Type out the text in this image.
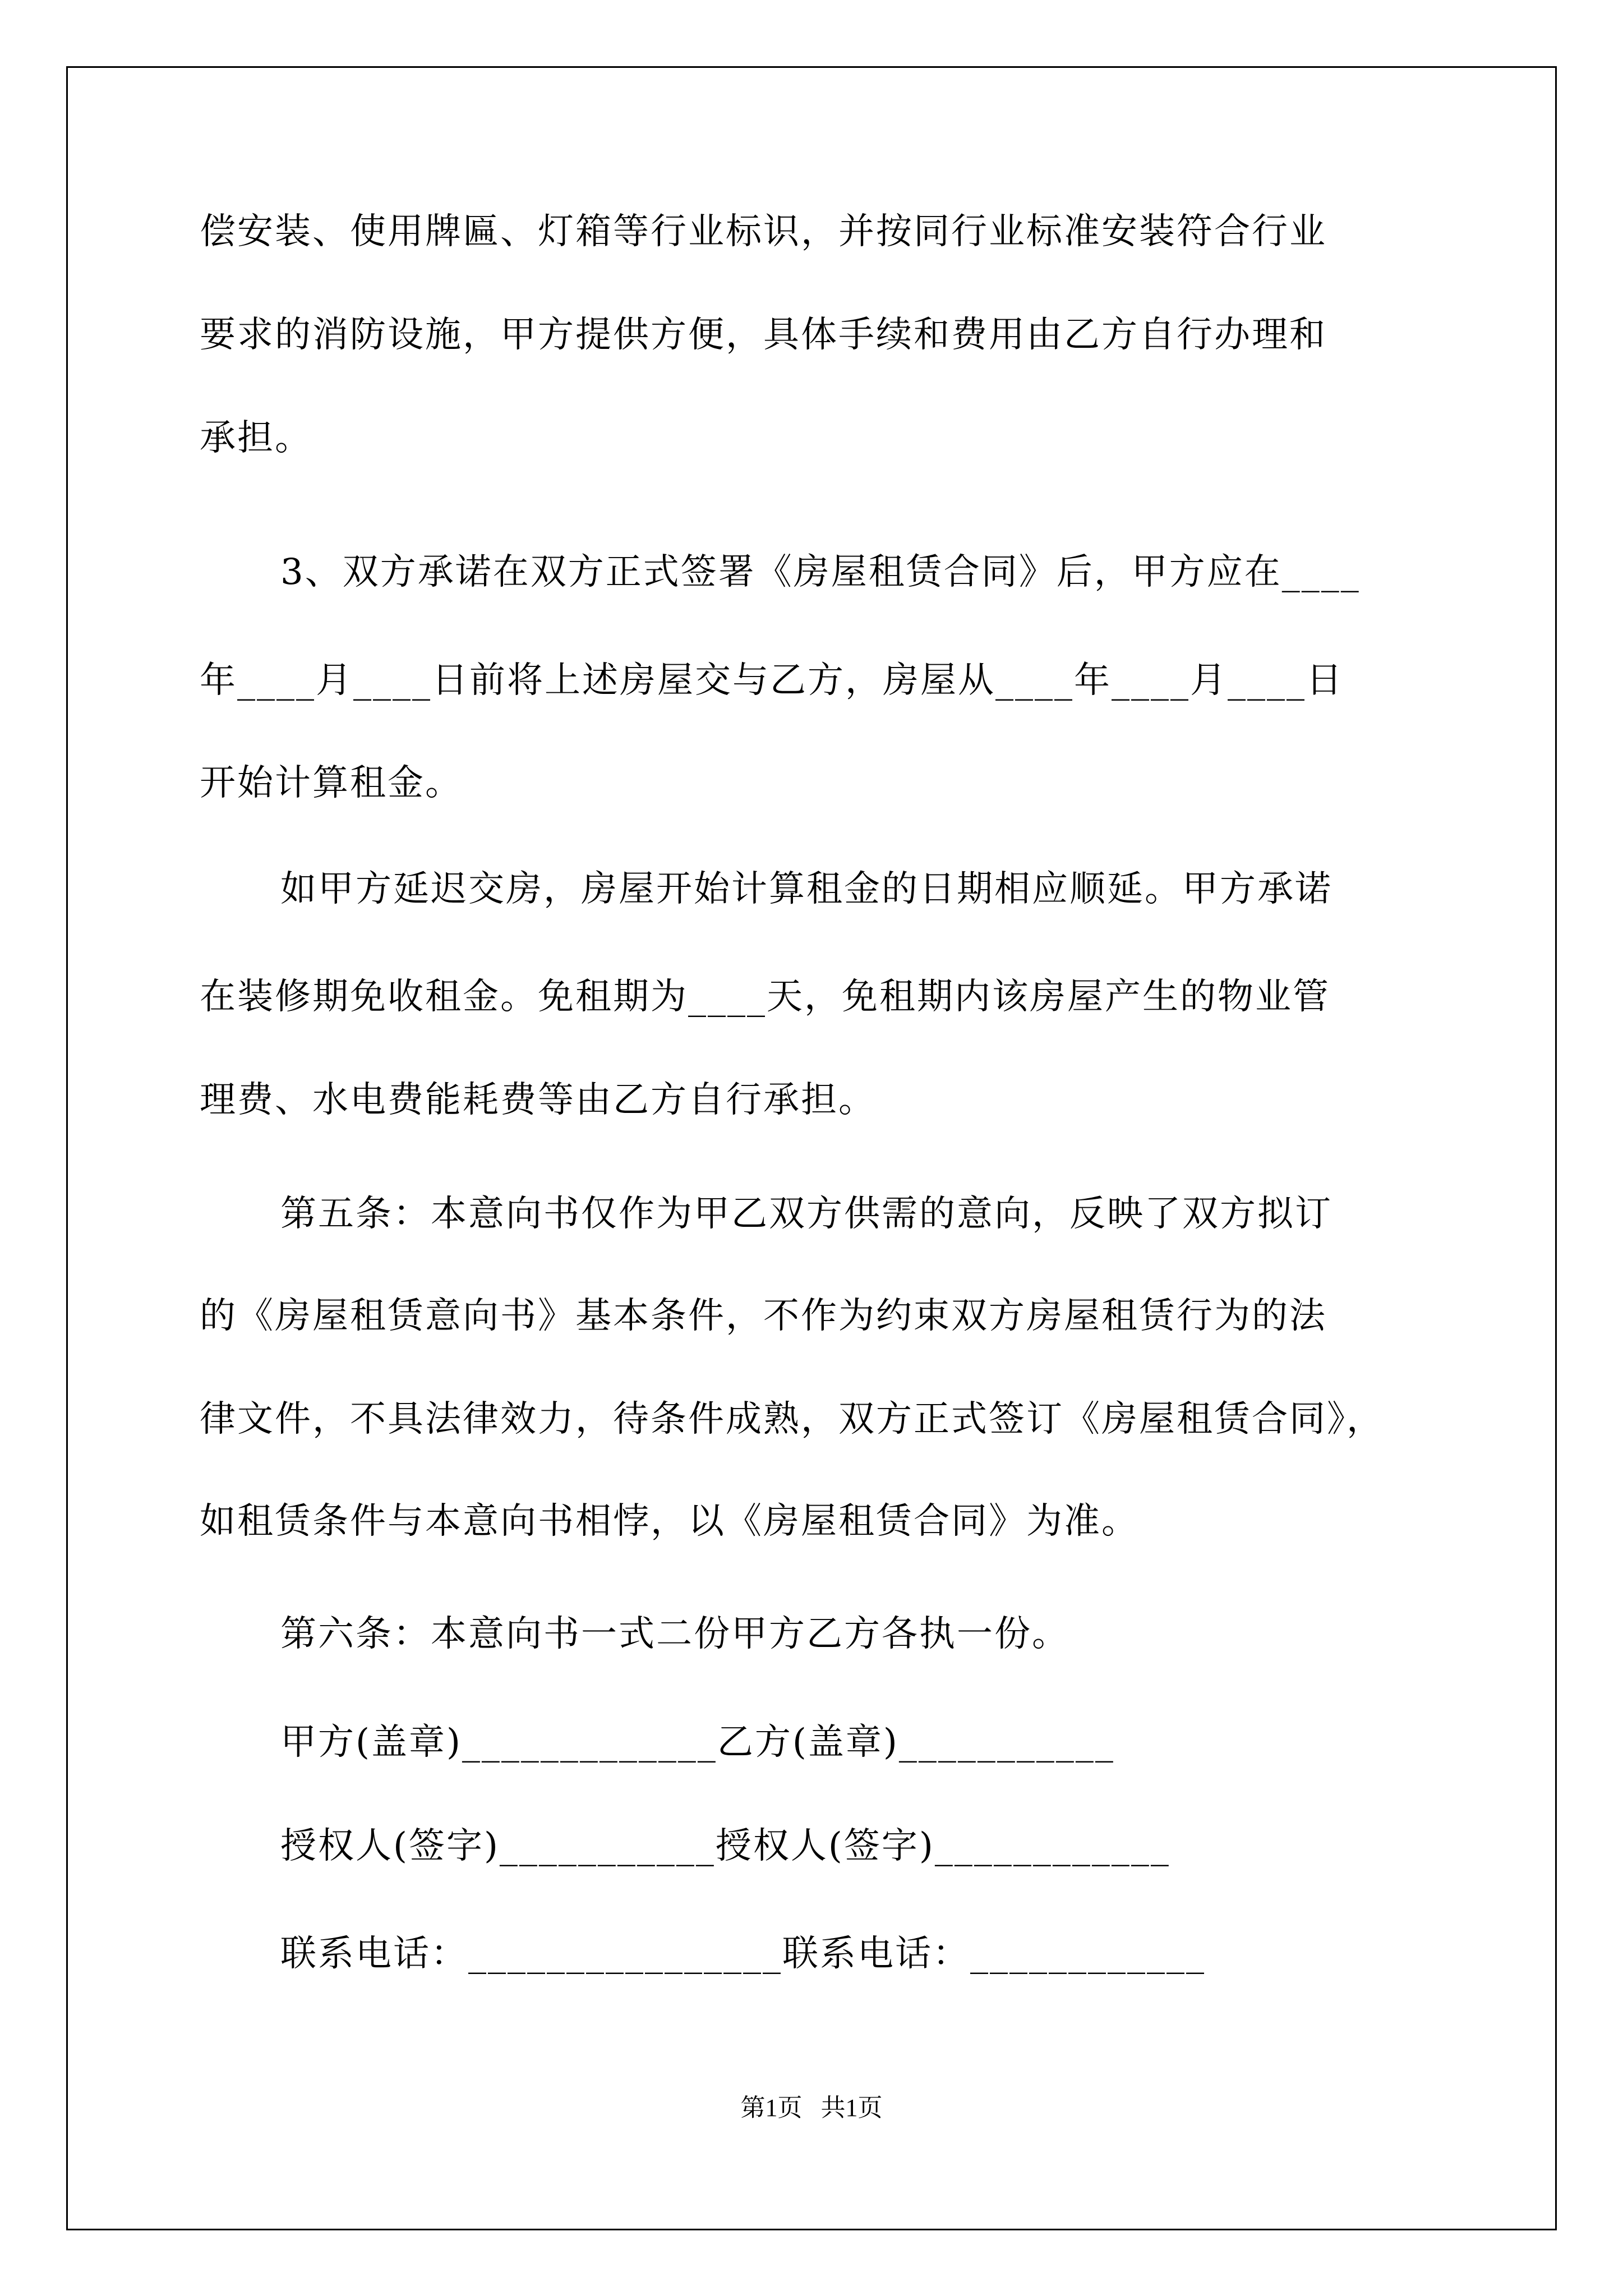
偿安装、使用牌匾、灯箱等行业标识，并按同行业标准安装符合行业
要求的消防设施，甲方提供方便，具体手续和费用由乙方自行办理和
承担。
3、双方承诺在双方正式签署《房屋租赁合同》后，甲方应在____
年____月____日前将上述房屋交与乙方，房屋从____年____月____日
开始计算租金。
如甲方延迟交房，房屋开始计算租金的日期相应顺延。甲方承诺
在装修期免收租金。免租期为____天，免租期内该房屋产生的物业管
理费、水电费能耗费等由乙方自行承担。
第五条：本意向书仅作为甲乙双方供需的意向，反映了双方拟订
的《房屋租赁意向书》基本条件，不作为约束双方房屋租赁行为的法
律文件，不具法律效力，待条件成熟，双方正式签订《房屋租赁合同》，
如租赁条件与本意向书相悖，以《房屋租赁合同》为准。
第六条：本意向书一式二份甲方乙方各执一份。
甲方(盖章)_____________乙方(盖章)___________
授权人(签字)___________授权人(签字)____________
联系电话：________________联系电话：____________
第1页   共1页
